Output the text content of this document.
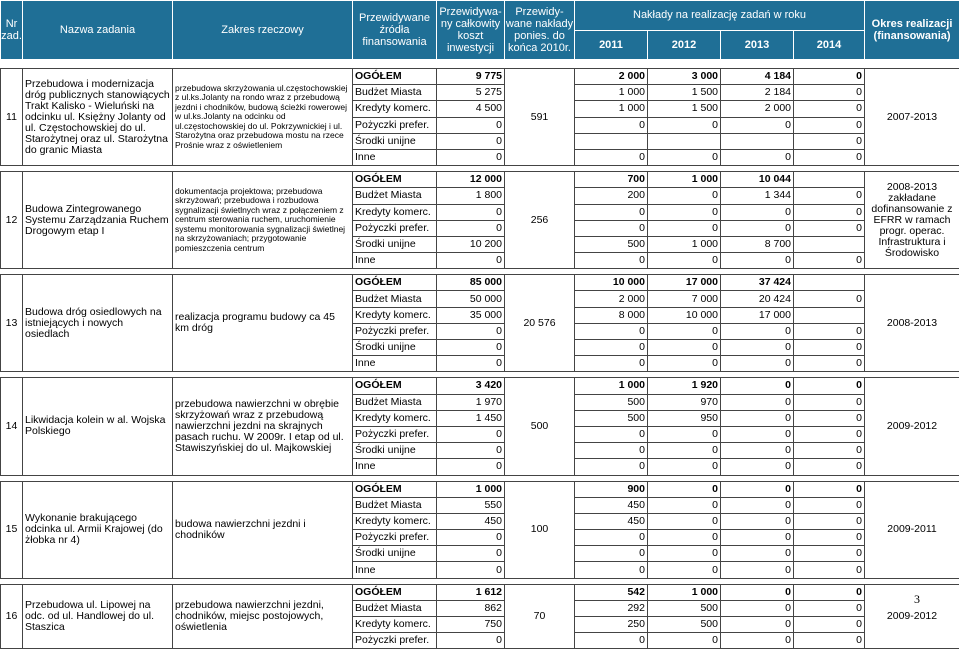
Nr zad.	Nazwa zadania	Zakres rzeczowy	Przewidywane źródła finansowania	Przewidywa-ny całkowity koszt inwestycji	Przewidy-wane nakłady ponies. do końca 2010r.	Nakłady na realizację zadań w roku				Okres realizacji (finansowania)
						2011	2012	2013	2014	
11	Przebudowa i modernizacja dróg publicznych stanowiących Trakt Kalisko - Wieluński na odcinku ul. Księżny Jolanty od ul. Częstochowskiej do ul. Starożytnej oraz ul. Starożytna do granic Miasta	przebudowa skrzyżowania ul.częstochowskiej z ul.ks.Jolanty na rondo wraz z przebudową jezdni i chodników, budową ścieżki rowerowej w ul.ks.Jolanty na odcinku od ul.częstochowskiej do ul. Pokrzywnickiej i ul. Starożytna oraz przebudowa mostu na rzece Prośnie wraz z oświetleniem	OGÓŁEM	9 775	591	2 000	3 000	4 184	0	2007-2013
			Budżet Miasta	5 275		1 000	1 500	2 184	0	
			Kredyty komerc.	4 500		1 000	1 500	2 000	0	
			Pożyczki prefer.	0		0	0	0	0	
			Środki unijne	0					0	
			Inne	0		0	0	0	0	

12	Budowa Zintegrowanego Systemu Zarządzania Ruchem Drogowym etap I	dokumentacja projektowa; przebudowa skrzyżowań; przebudowa i rozbudowa sygnalizacji świetlnych wraz z połączeniem z centrum sterowania ruchem, uruchomienie systemu monitorowania sygnalizacji świetlnej na skrzyżowaniach; przygotowanie pomieszczenia centrum	OGÓŁEM	12 000	256	700	1 000	10 044		2008-2013 zakładane dofinansowanie z EFRR w ramach progr. operac. Infrastruktura i Środowisko
			Budżet Miasta	1 800		200	0	1 344	0	
			Kredyty komerc.	0		0	0	0	0	
			Pożyczki prefer.	0		0	0	0	0	
			Środki unijne	10 200		500	1 000	8 700		
			Inne	0		0	0	0	0	

13	Budowa dróg osiedlowych na istniejących i nowych osiedlach	realizacja programu budowy ca 45 km dróg	OGÓŁEM	85 000	20 576	10 000	17 000	37 424		2008-2013
			Budżet Miasta	50 000		2 000	7 000	20 424	0	
			Kredyty komerc.	35 000		8 000	10 000	17 000		
			Pożyczki prefer.	0		0	0	0	0	
			Środki unijne	0		0	0	0	0	
			Inne	0		0	0	0	0	

14	Likwidacja kolein w al. Wojska Polskiego	przebudowa nawierzchni w obrębie skrzyżowań wraz z przebudową nawierzchni jezdni na skrajnych pasach ruchu. W 2009r. I etap od ul. Stawiszyńskiej do ul. Majkowskiej	OGÓŁEM	3 420	500	1 000	1 920	0	0	2009-2012
			Budżet Miasta	1 970		500	970	0	0	
			Kredyty komerc.	1 450		500	950	0	0	
			Pożyczki prefer.	0		0	0	0	0	
			Środki unijne	0		0	0	0	0	
			Inne	0		0	0	0	0	

15	Wykonanie brakującego odcinka ul. Armii Krajowej (do żłobka nr 4)	budowa nawierzchni jezdni i chodników	OGÓŁEM	1 000	100	900	0	0	0	2009-2011
			Budżet Miasta	550		450	0	0	0	
			Kredyty komerc.	450		450	0	0	0	
			Pożyczki prefer.	0		0	0	0	0	
			Środki unijne	0		0	0	0	0	
			Inne	0		0	0	0	0	

16	Przebudowa ul. Lipowej na odc. od ul. Handlowej do ul. Staszica	przebudowa nawierzchni jezdni, chodników, miejsc postojowych, oświetlenia	OGÓŁEM	1 612	70	542	1 000	0	0	2009-2012
			Budżet Miasta	862		292	500	0	0	
			Kredyty komerc.	750		250	500	0	0	
			Pożyczki prefer.	0		0	0	0	0	
3
